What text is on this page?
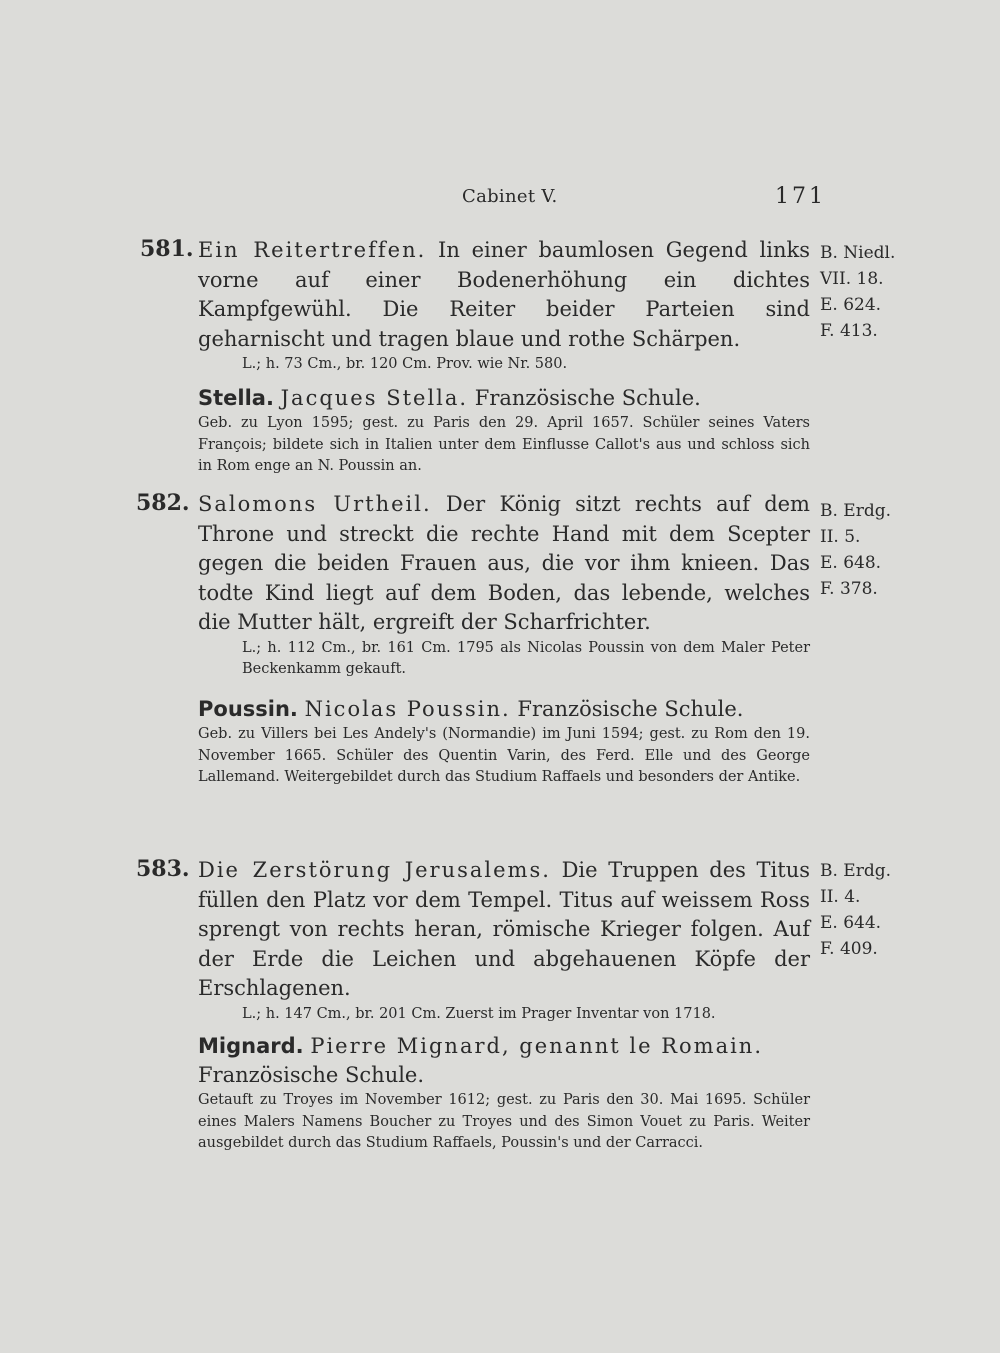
Cabinet V.	171
581. Ein Reitertreffen. In einer baumlosen Gegend links vorne auf einer Bodenerhöhung ein dichtes Kampfgewühl. Die Reiter beider Parteien sind geharnischt und tragen blaue und rothe Schärpen.
L.; h. 73 Cm., br. 120 Cm. Prov. wie Nr. 580.
B. Niedl.
VII. 18.
E. 624.
F. 413.
Stella. Jacques Stella. Französische Schule.
Geb. zu Lyon 1595; gest. zu Paris den 29. April 1657. Schüler seines Vaters François; bildete sich in Italien unter dem Einflusse Callot's aus und schloss sich in Rom enge an N. Poussin an.
582. Salomons Urtheil. Der König sitzt rechts auf dem Throne und streckt die rechte Hand mit dem Scepter gegen die beiden Frauen aus, die vor ihm knieen. Das todte Kind liegt auf dem Boden, das lebende, welches die Mutter hält, ergreift der Scharfrichter.
L.; h. 112 Cm., br. 161 Cm. 1795 als Nicolas Poussin von dem Maler Peter Beckenkamm gekauft.
B. Erdg.
II. 5.
E. 648.
F. 378.
Poussin. Nicolas Poussin. Französische Schule.
Geb. zu Villers bei Les Andely's (Normandie) im Juni 1594; gest. zu Rom den 19. November 1665. Schüler des Quentin Varin, des Ferd. Elle und des George Lallemand. Weitergebildet durch das Studium Raffaels und besonders der Antike.
583. Die Zerstörung Jerusalems. Die Truppen des Titus füllen den Platz vor dem Tempel. Titus auf weissem Ross sprengt von rechts heran, römische Krieger folgen. Auf der Erde die Leichen und abgehauenen Köpfe der Erschlagenen.
L.; h. 147 Cm., br. 201 Cm. Zuerst im Prager Inventar von 1718.
B. Erdg.
II. 4.
E. 644.
F. 409.
Mignard. Pierre Mignard, genannt le Romain. Französische Schule.
Getauft zu Troyes im November 1612; gest. zu Paris den 30. Mai 1695. Schüler eines Malers Namens Boucher zu Troyes und des Simon Vouet zu Paris. Weiter ausgebildet durch das Studium Raffaels, Poussin's und der Carracci.
